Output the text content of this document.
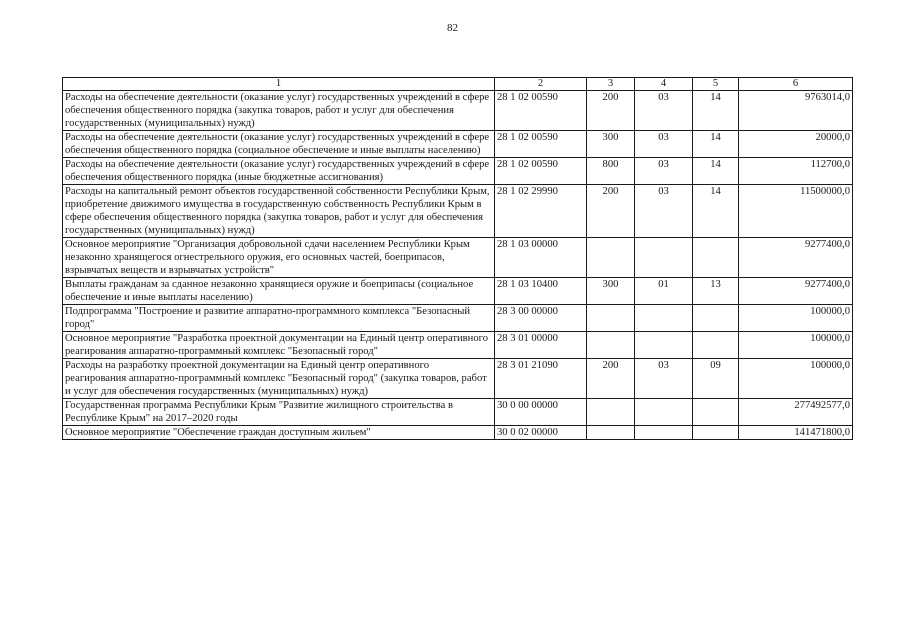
82
1	2	3	4	5	6
Расходы на обеспечение деятельности (оказание услуг) государственных учреждений в сфере обеспечения общественного порядка (закупка товаров, работ и услуг для обеспечения государственных (муниципальных) нужд)	28 1 02 00590	200	03	14	9763014,0
Расходы на обеспечение деятельности (оказание услуг) государственных учреждений в сфере обеспечения общественного порядка (социальное обеспечение и иные выплаты населению)	28 1 02 00590	300	03	14	20000,0
Расходы на обеспечение деятельности (оказание услуг) государственных учреждений в сфере обеспечения общественного порядка (иные бюджетные ассигнования)	28 1 02 00590	800	03	14	112700,0
Расходы на капитальный ремонт объектов государственной собственности Республики Крым, приобретение движимого имущества в государственную собственность Республики Крым в сфере обеспечения общественного порядка (закупка товаров, работ и услуг для обеспечения государственных (муниципальных) нужд)	28 1 02 29990	200	03	14	11500000,0
Основное мероприятие "Организация добровольной сдачи населением Республики Крым незаконно хранящегося огнестрельного оружия, его основных частей, боеприпасов, взрывчатых веществ и взрывчатых устройств"	28 1 03 00000				9277400,0
Выплаты гражданам за сданное незаконно хранящиеся оружие и боеприпасы (социальное обеспечение и иные выплаты населению)	28 1 03 10400	300	01	13	9277400,0
Подпрограмма "Построение и развитие аппаратно-программного комплекса "Безопасный город"	28 3 00 00000				100000,0
Основное мероприятие "Разработка проектной документации на Единый центр оперативного реагирования аппаратно-программный комплекс "Безопасный город"	28 3 01 00000				100000,0
Расходы на разработку проектной документации на Единый центр оперативного реагирования аппаратно-программный комплекс "Безопасный город" (закупка товаров, работ и услуг для обеспечения государственных (муниципальных) нужд)	28 3 01 21090	200	03	09	100000,0
Государственная программа Республики Крым "Развитие жилищного строительства в Республике Крым" на 2017–2020 годы	30 0 00 00000				277492577,0
Основное мероприятие "Обеспечение граждан доступным жильем"	30 0 02 00000				141471800,0
